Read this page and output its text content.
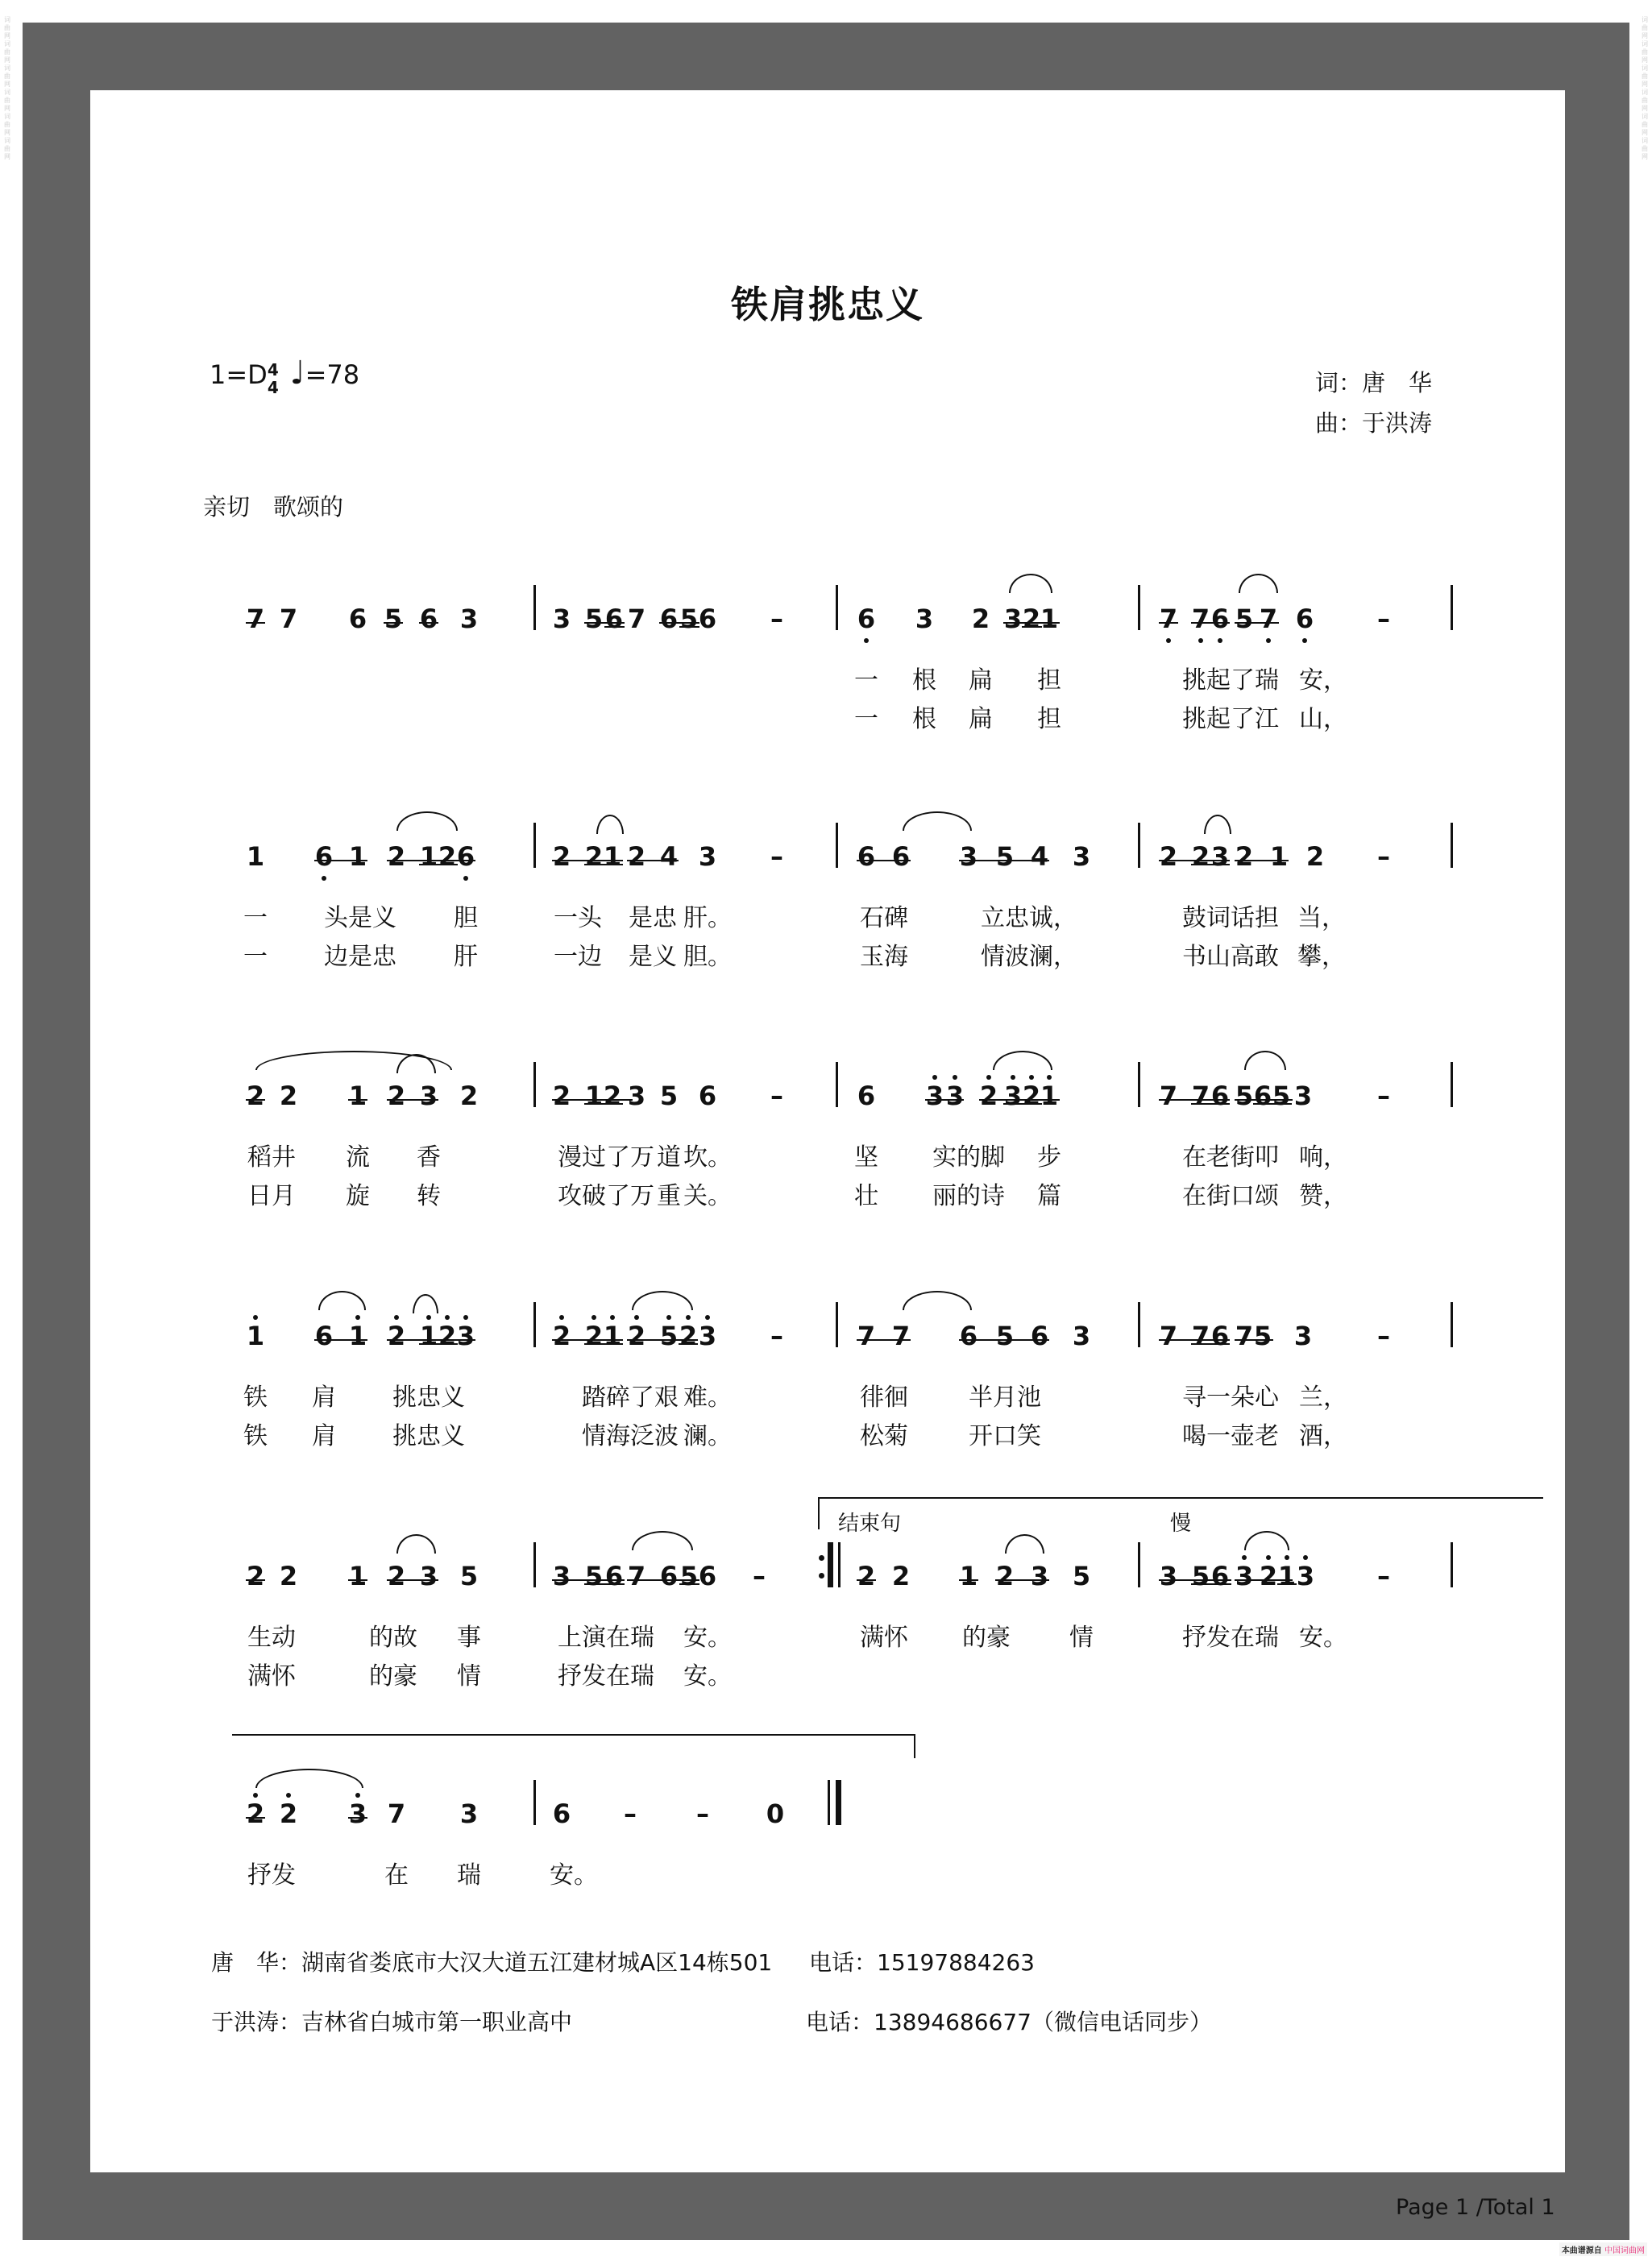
词曲网词曲网词曲网词曲网词曲网词曲网
词曲网词曲网词曲网词曲网词曲网词曲网
铁肩挑忠义
1=D4
4 ♩=78	词：唐　华
曲：于洪涛
亲切　歌颂的
7 7 6 5 6 3	3 5 6 7 6 5 6 –	6 3 2 3 2 1	7 7 6 5 7 6 –
一 根 扁 担	挑起了瑞 安，
一 根 扁 担	挑起了江 山，
1 6 1 2 1 2 6	2 2 1 2 4 3 –	6 6 3 5 4 3	2 2 3 2 1 2 –
一 头是义 胆	一头 是忠 肝。	石碑	立忠诚，	鼓词话担 当，
一 边是忠 肝	一边 是义 胆。	玉海	情波澜，	书山高敢 攀，
2 2 1 2 3 2	2 1 2 3 5 6 –	6 3 3 2 3 2 1	7 7 6 5 6 5 3	–
稻井 流 香	漫过了万 道 坎。	坚 实的脚 步	在老街叩 响，
日月 旋 转	攻破了万 重 关。	壮 丽的诗 篇	在街口颂 赞，
1 6 1 2 1 2 3	2 2 1 2 5 2 3 –	7 7 6 5 6 3	7 7 6 7 5 3	–
铁 肩 挑忠义	踏碎了艰 难。	徘徊	半月池	寻一朵心 兰，
铁 肩 挑忠义	情海泛波 澜。	松菊	开口笑	喝一壶老 酒，
结束句	慢
2 2 1 2 3 5	3 5 6 7 6 5 6 –	2 2 1 2 3 5	3 5 6 3 2 1 3 –
生动	的故 事	上演在瑞 安。	满怀 的豪 情	抒发在瑞 安。
满怀	的豪 情	抒发在瑞 安。
2 2 3 7 3	6 – – 0
抒发	在 瑞	安。
唐　华：湖南省娄底市大汉大道五江建材城A区14栋501 电话：15197884263
于洪涛：吉林省白城市第一职业高中	电话：13894686677（微信电话同步）
Page 1 /Total 1
本曲谱源自 中国词曲网
